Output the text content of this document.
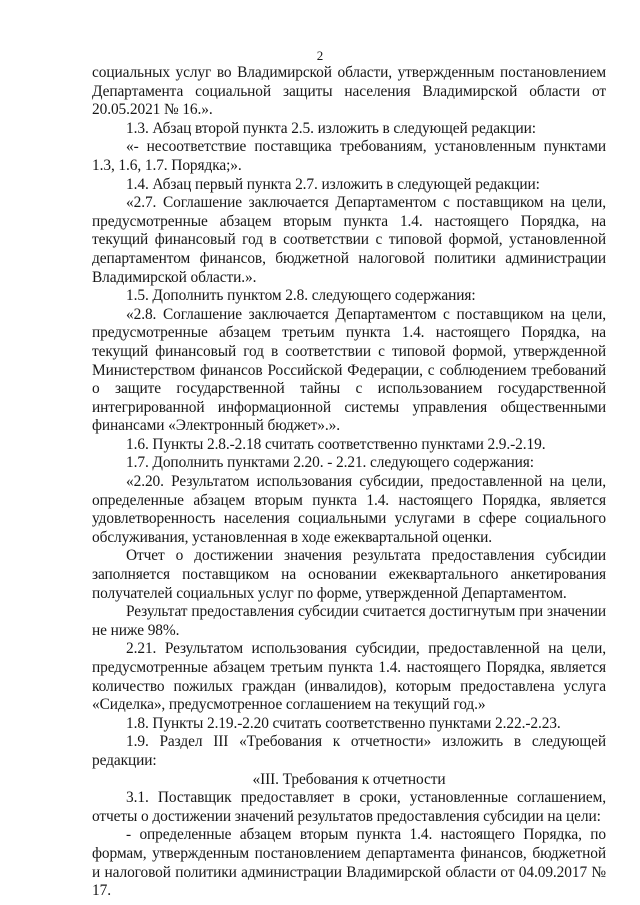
2

социальных услуг во Владимирской области, утвержденным постановлением Департамента социальной защиты населения Владимирской области от 20.05.2021 № 16.».

1.3. Абзац второй пункта 2.5. изложить в следующей редакции:

«- несоответствие поставщика требованиям, установленным пунктами 1.3, 1.6, 1.7. Порядка;».

1.4. Абзац первый пункта 2.7. изложить в следующей редакции:

«2.7. Соглашение заключается Департаментом с поставщиком на цели, предусмотренные абзацем вторым пункта 1.4. настоящего Порядка, на текущий финансовый год в соответствии с типовой формой, установленной департаментом финансов, бюджетной налоговой политики администрации Владимирской области.».

1.5. Дополнить пунктом 2.8. следующего содержания:

«2.8. Соглашение заключается Департаментом с поставщиком на цели, предусмотренные абзацем третьим пункта 1.4. настоящего Порядка, на текущий финансовый год в соответствии с типовой формой, утвержденной Министерством финансов Российской Федерации, с соблюдением требований о защите государственной тайны с использованием государственной интегрированной информационной системы управления общественными финансами «Электронный бюджет».».

1.6. Пункты 2.8.-2.18 считать соответственно пунктами 2.9.-2.19.

1.7. Дополнить пунктами 2.20. - 2.21. следующего содержания:

«2.20. Результатом использования субсидии, предоставленной на цели, определенные абзацем вторым пункта 1.4. настоящего Порядка, является удовлетворенность населения социальными услугами в сфере социального обслуживания, установленная в ходе ежеквартальной оценки.

Отчет о достижении значения результата предоставления субсидии заполняется поставщиком на основании ежеквартального анкетирования получателей социальных услуг по форме, утвержденной Департаментом.

Результат предоставления субсидии считается достигнутым при значении не ниже 98%.

2.21. Результатом использования субсидии, предоставленной на цели, предусмотренные абзацем третьим пункта 1.4. настоящего Порядка, является количество пожилых граждан (инвалидов), которым предоставлена услуга «Сиделка», предусмотренное соглашением на текущий год.»

1.8. Пункты 2.19.-2.20 считать соответственно пунктами 2.22.-2.23.

1.9. Раздел III «Требования к отчетности» изложить в следующей редакции:

«III. Требования к отчетности

3.1. Поставщик предоставляет в сроки, установленные соглашением, отчеты о достижении значений результатов предоставления субсидии на цели:

- определенные абзацем вторым пункта 1.4. настоящего Порядка, по формам, утвержденным постановлением департамента финансов, бюджетной и налоговой политики администрации Владимирской области от 04.09.2017 № 17.
